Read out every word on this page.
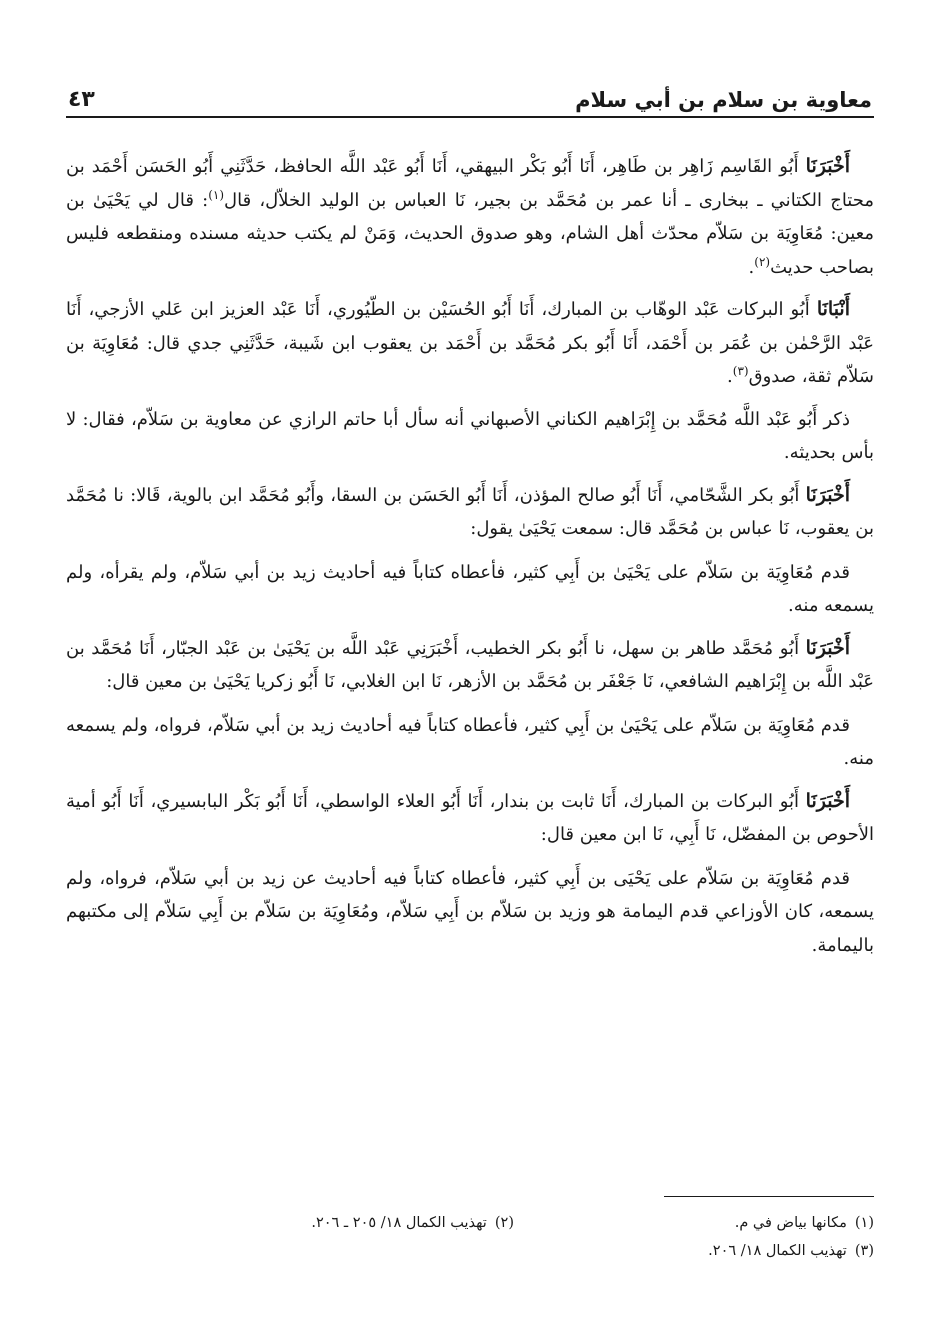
معاوية بن سلام بن أبي سلام
٤٣

أَخْبَرَنَا أَبُو القَاسِم زَاهِر بن طَاهِر، أَنَا أَبُو بَكْر البيهقي، أَنَا أَبُو عَبْد اللَّه الحافظ، حَدَّثَنِي أَبُو الحَسَن أَحْمَد بن محتاج الكتاني ـ ببخارى ـ أنا عمر بن مُحَمَّد بن بجير، نَا العباس بن الوليد الخلاّل، قال$^{(١)}$: قال لي يَحْيَىٰ بن معين: مُعَاوِيَة بن سَلاّم محدّث أهل الشام، وهو صدوق الحديث، وَمَنْ لم يكتب حديثه مسنده ومنقطعه فليس بصاحب حديث$^{(٢)}$.

أَنْبَانَا أَبُو البركات عَبْد الوهّاب بن المبارك، أَنَا أَبُو الحُسَيْن بن الطّيُوري، أَنَا عَبْد العزيز ابن عَلي الأزجي، أَنَا عَبْد الرَّحْمٰن بن عُمَر بن أَحْمَد، أَنَا أَبُو بكر مُحَمَّد بن أَحْمَد بن يعقوب ابن شَيبة، حَدَّثَنِي جدي قال: مُعَاوِيَة بن سَلاّم ثقة، صدوق$^{(٣)}$.

ذكر أَبُو عَبْد اللَّه مُحَمَّد بن إِبْرَاهيم الكناني الأصبهاني أنه سأل أبا حاتم الرازي عن معاوية بن سَلاّم، فقال: لا بأس بحديثه.

أَخْبَرَنَا أَبُو بكر الشَّحّامي، أَنَا أَبُو صالح المؤذن، أَنَا أَبُو الحَسَن بن السقا، وأَبُو مُحَمَّد ابن بالوية، قَالا: نا مُحَمَّد بن يعقوب، نَا عباس بن مُحَمَّد قال: سمعت يَحْيَىٰ يقول:

قدم مُعَاوِيَة بن سَلاّم على يَحْيَىٰ بن أَبِي كثير، فأعطاه كتاباً فيه أحاديث زيد بن أبي سَلاّم، ولم يقرأه، ولم يسمعه منه.

أَخْبَرَنَا أَبُو مُحَمَّد طاهر بن سهل، نا أَبُو بكر الخطيب، أَخْبَرَنِي عَبْد اللَّه بن يَحْيَىٰ بن عَبْد الجبّار، أَنَا مُحَمَّد بن عَبْد اللَّه بن إِبْرَاهيم الشافعي، نَا جَعْفَر بن مُحَمَّد بن الأزهر، نَا ابن الغلابي، نَا أَبُو زكريا يَحْيَىٰ بن معين قال:

قدم مُعَاوِيَة بن سَلاّم على يَحْيَىٰ بن أَبِي كثير، فأعطاه كتاباً فيه أحاديث زيد بن أبي سَلاّم، فرواه، ولم يسمعه منه.

أَخْبَرَنَا أَبُو البركات بن المبارك، أَنَا ثابت بن بندار، أَنَا أَبُو العلاء الواسطي، أَنَا أَبُو بَكْر البابسيري، أَنَا أَبُو أمية الأحوص بن المفضّل، نَا أَبِي، نَا ابن معين قال:

قدم مُعَاوِيَة بن سَلاّم على يَحْيَى بن أَبِي كثير، فأعطاه كتاباً فيه أحاديث عن زيد بن أبي سَلاّم، فرواه، ولم يسمعه، كان الأوزاعي قدم اليمامة هو وزيد بن سَلاّم بن أَبِي سَلاّم، ومُعَاوِيَة بن سَلاّم بن أَبِي سَلاّم إلى مكتبهم باليمامة.

(١)مكانها بياض في م.
(٢)تهذيب الكمال ١٨/ ٢٠٥ ـ ٢٠٦.
(٣)تهذيب الكمال ١٨/ ٢٠٦.
